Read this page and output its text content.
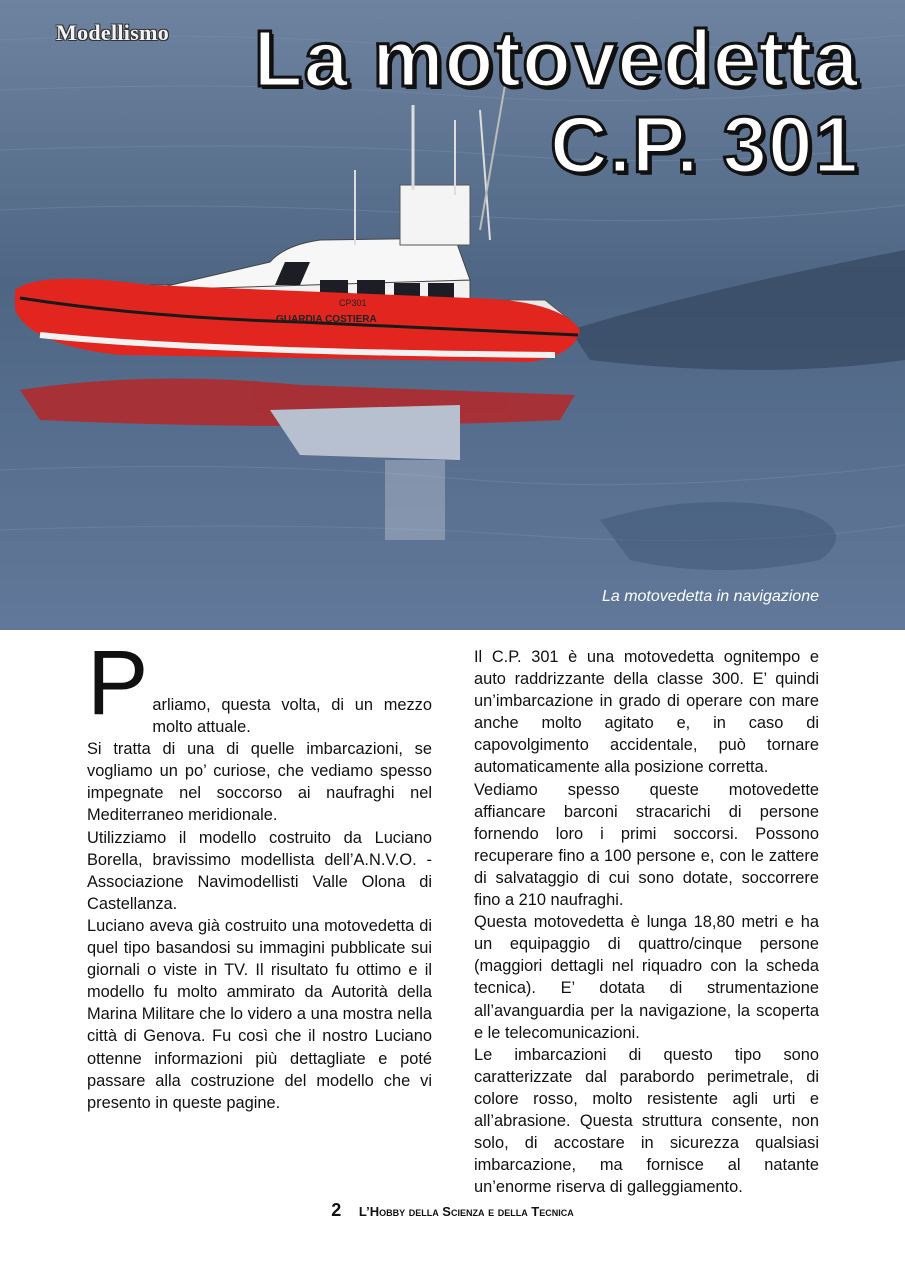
Modellismo La motovedetta
C.P. 301
CP301
GUARDIA COSTIERA
La motovedetta in navigazione
P arliamo, questa volta, di un mezzo molto attuale.

Si tratta di una di quelle imbarcazioni, se vogliamo un po’ curiose, che vediamo spesso impegnate nel soccorso ai naufraghi nel Mediterraneo meridionale.

Utilizziamo il modello costruito da Luciano Borella, bravissimo modellista dell’A.N.V.O. - Associazione Navimodellisti Valle Olona di Castellanza.

Luciano aveva già costruito una motovedetta di quel tipo basandosi su immagini pubblicate sui giornali o viste in TV. Il risultato fu ottimo e il modello fu molto ammirato da Autorità della Marina Militare che lo videro a una mostra nella città di Genova. Fu così che il nostro Luciano ottenne informazioni più dettagliate e poté passare alla costruzione del modello che vi presento in queste pagine.

Il C.P. 301 è una motovedetta ognitempo e auto raddrizzante della classe 300. E’ quindi un’imbarcazione in grado di operare con mare anche molto agitato e, in caso di capovolgimento accidentale, può tornare automaticamente alla posizione corretta.

Vediamo spesso queste motovedette affiancare barconi stracarichi di persone fornendo loro i primi soccorsi. Possono recuperare fino a 100 persone e, con le zattere di salvataggio di cui sono dotate, soccorrere fino a 210 naufraghi.

Questa motovedetta è lunga 18,80 metri e ha un equipaggio di quattro/cinque persone (maggiori dettagli nel riquadro con la scheda tecnica). E’ dotata di strumentazione all’avanguardia per la navigazione, la scoperta e le telecomunicazioni.

Le imbarcazioni di questo tipo sono caratterizzate dal parabordo perimetrale, di colore rosso, molto resistente agli urti e all’abrasione. Questa struttura consente, non solo, di accostare in sicurezza qualsiasi imbarcazione, ma fornisce al natante un’enorme riserva di galleggiamento.

2 L’Hobby della Scienza e della Tecnica
